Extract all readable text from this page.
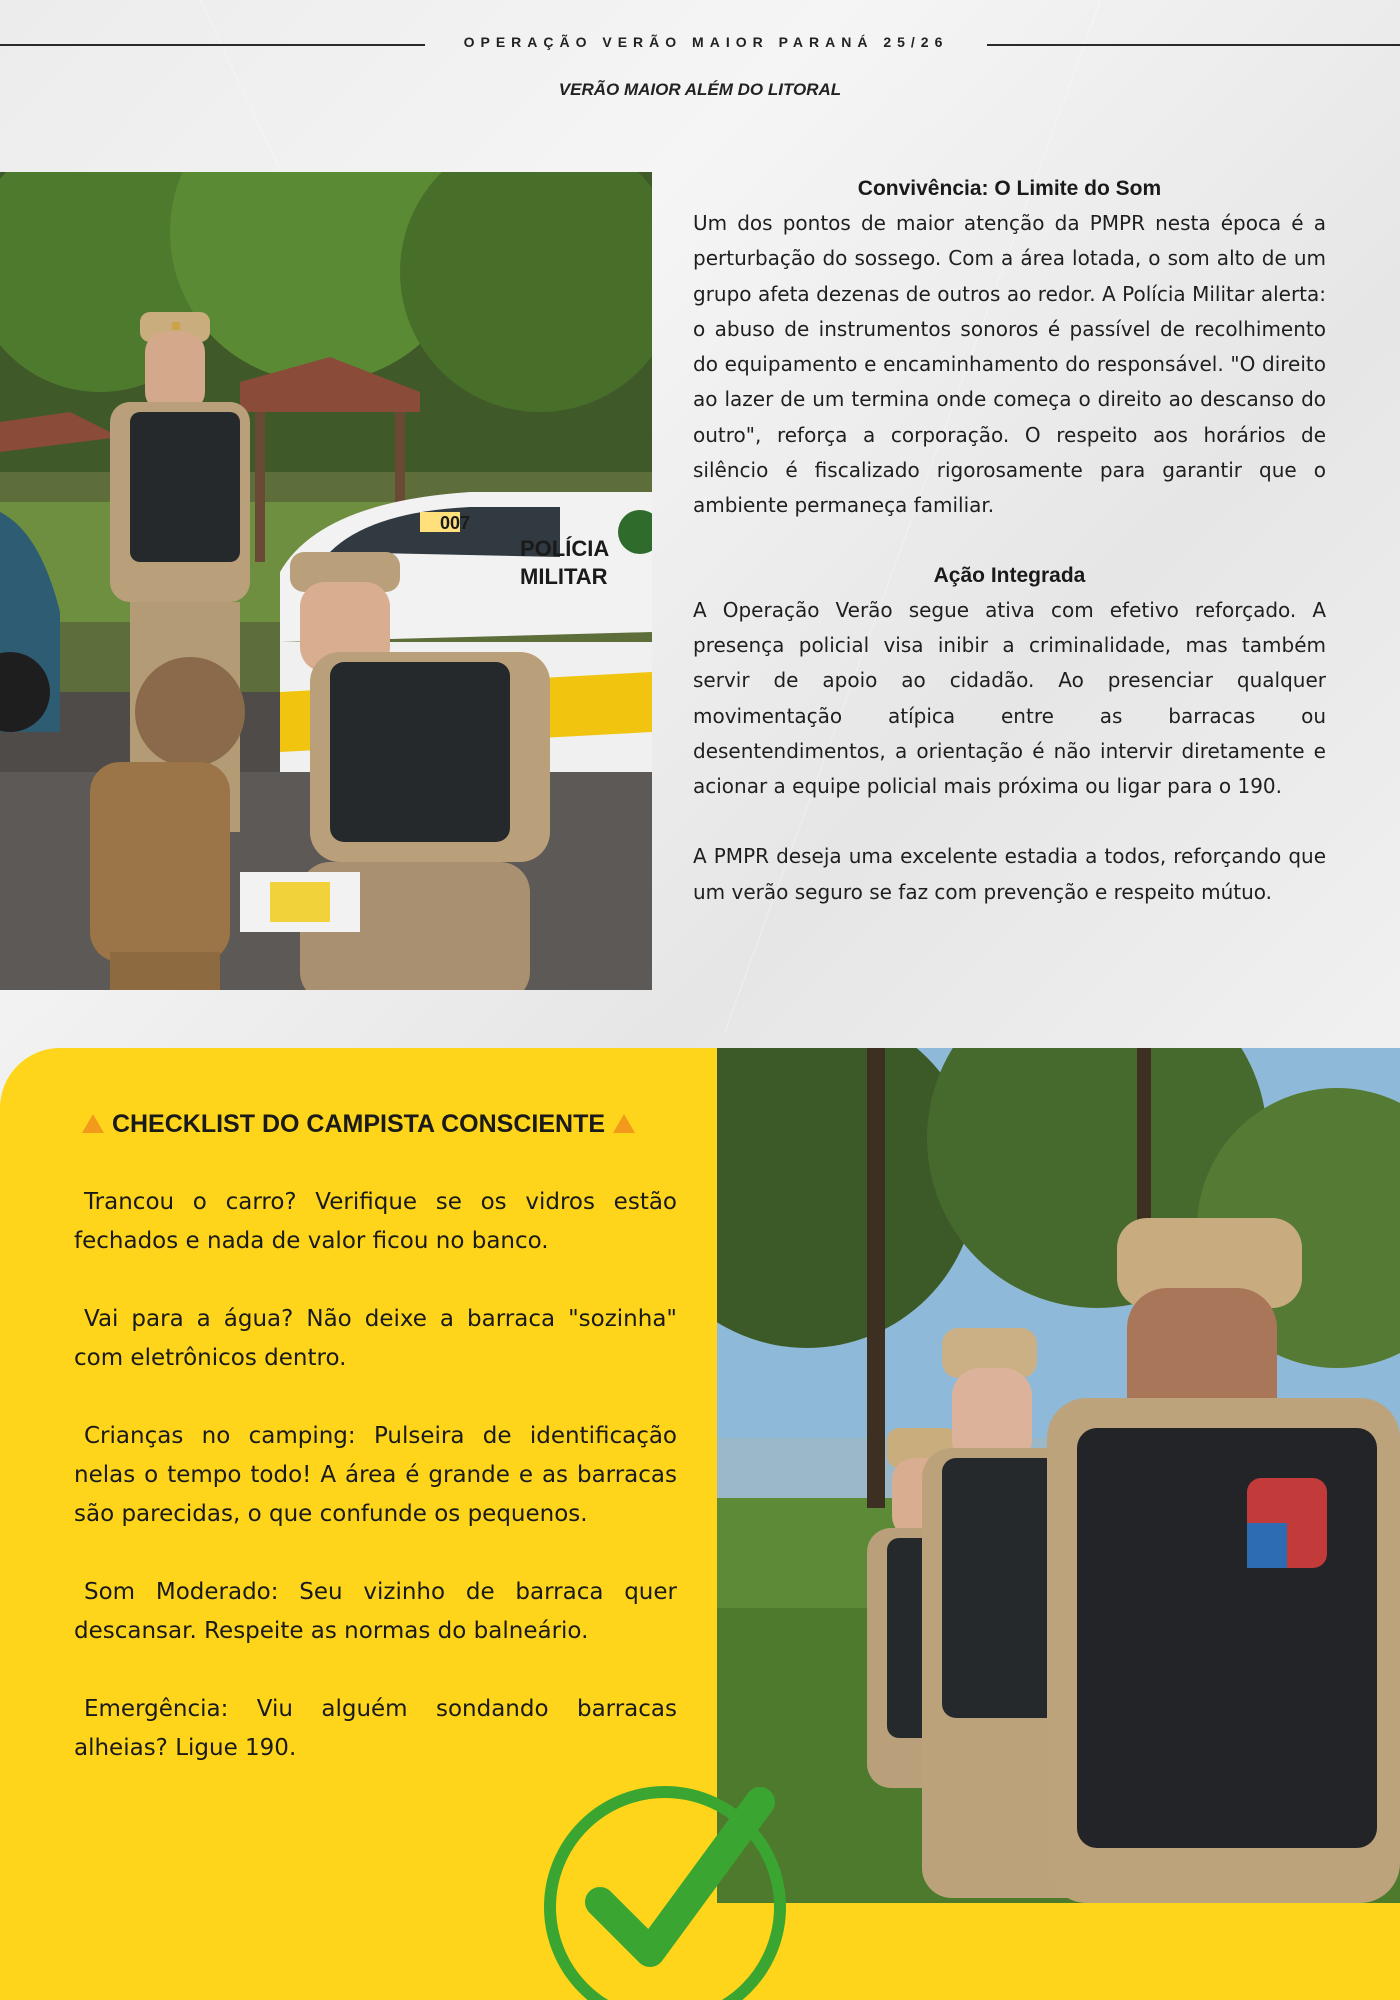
OPERAÇÃO VERÃO MAIOR PARANÁ 25/26
VERÃO MAIOR ALÉM DO LITORAL
007
POLÍCIA
MILITAR
Convivência: O Limite do Som

Um dos pontos de maior atenção da PMPR nesta época é a perturbação do sossego. Com a área lotada, o som alto de um grupo afeta dezenas de outros ao redor. A Polícia Militar alerta: o abuso de instrumentos sonoros é passível de recolhimento do equipamento e encaminhamento do responsável. "O direito ao lazer de um termina onde começa o direito ao descanso do outro", reforça a corporação. O respeito aos horários de silêncio é fiscalizado rigorosamente para garantir que o ambiente permaneça familiar.

Ação Integrada

A Operação Verão segue ativa com efetivo reforçado. A presença policial visa inibir a criminalidade, mas também servir de apoio ao cidadão. Ao presenciar qualquer movimentação atípica entre as barracas ou desentendimentos, a orientação é não intervir diretamente e acionar a equipe policial mais próxima ou ligar para o 190.

A PMPR deseja uma excelente estadia a todos, reforçando que um verão seguro se faz com prevenção e respeito mútuo.

CHECKLIST DO CAMPISTA CONSCIENTE

Trancou o carro? Verifique se os vidros estão fechados e nada de valor ficou no banco.

Vai para a água? Não deixe a barraca "sozinha" com eletrônicos dentro.

Crianças no camping: Pulseira de identificação nelas o tempo todo! A área é grande e as barracas são parecidas, o que confunde os pequenos.

Som Moderado: Seu vizinho de barraca quer descansar. Respeite as normas do balneário.

Emergência: Viu alguém sondando barracas alheias? Ligue 190.
